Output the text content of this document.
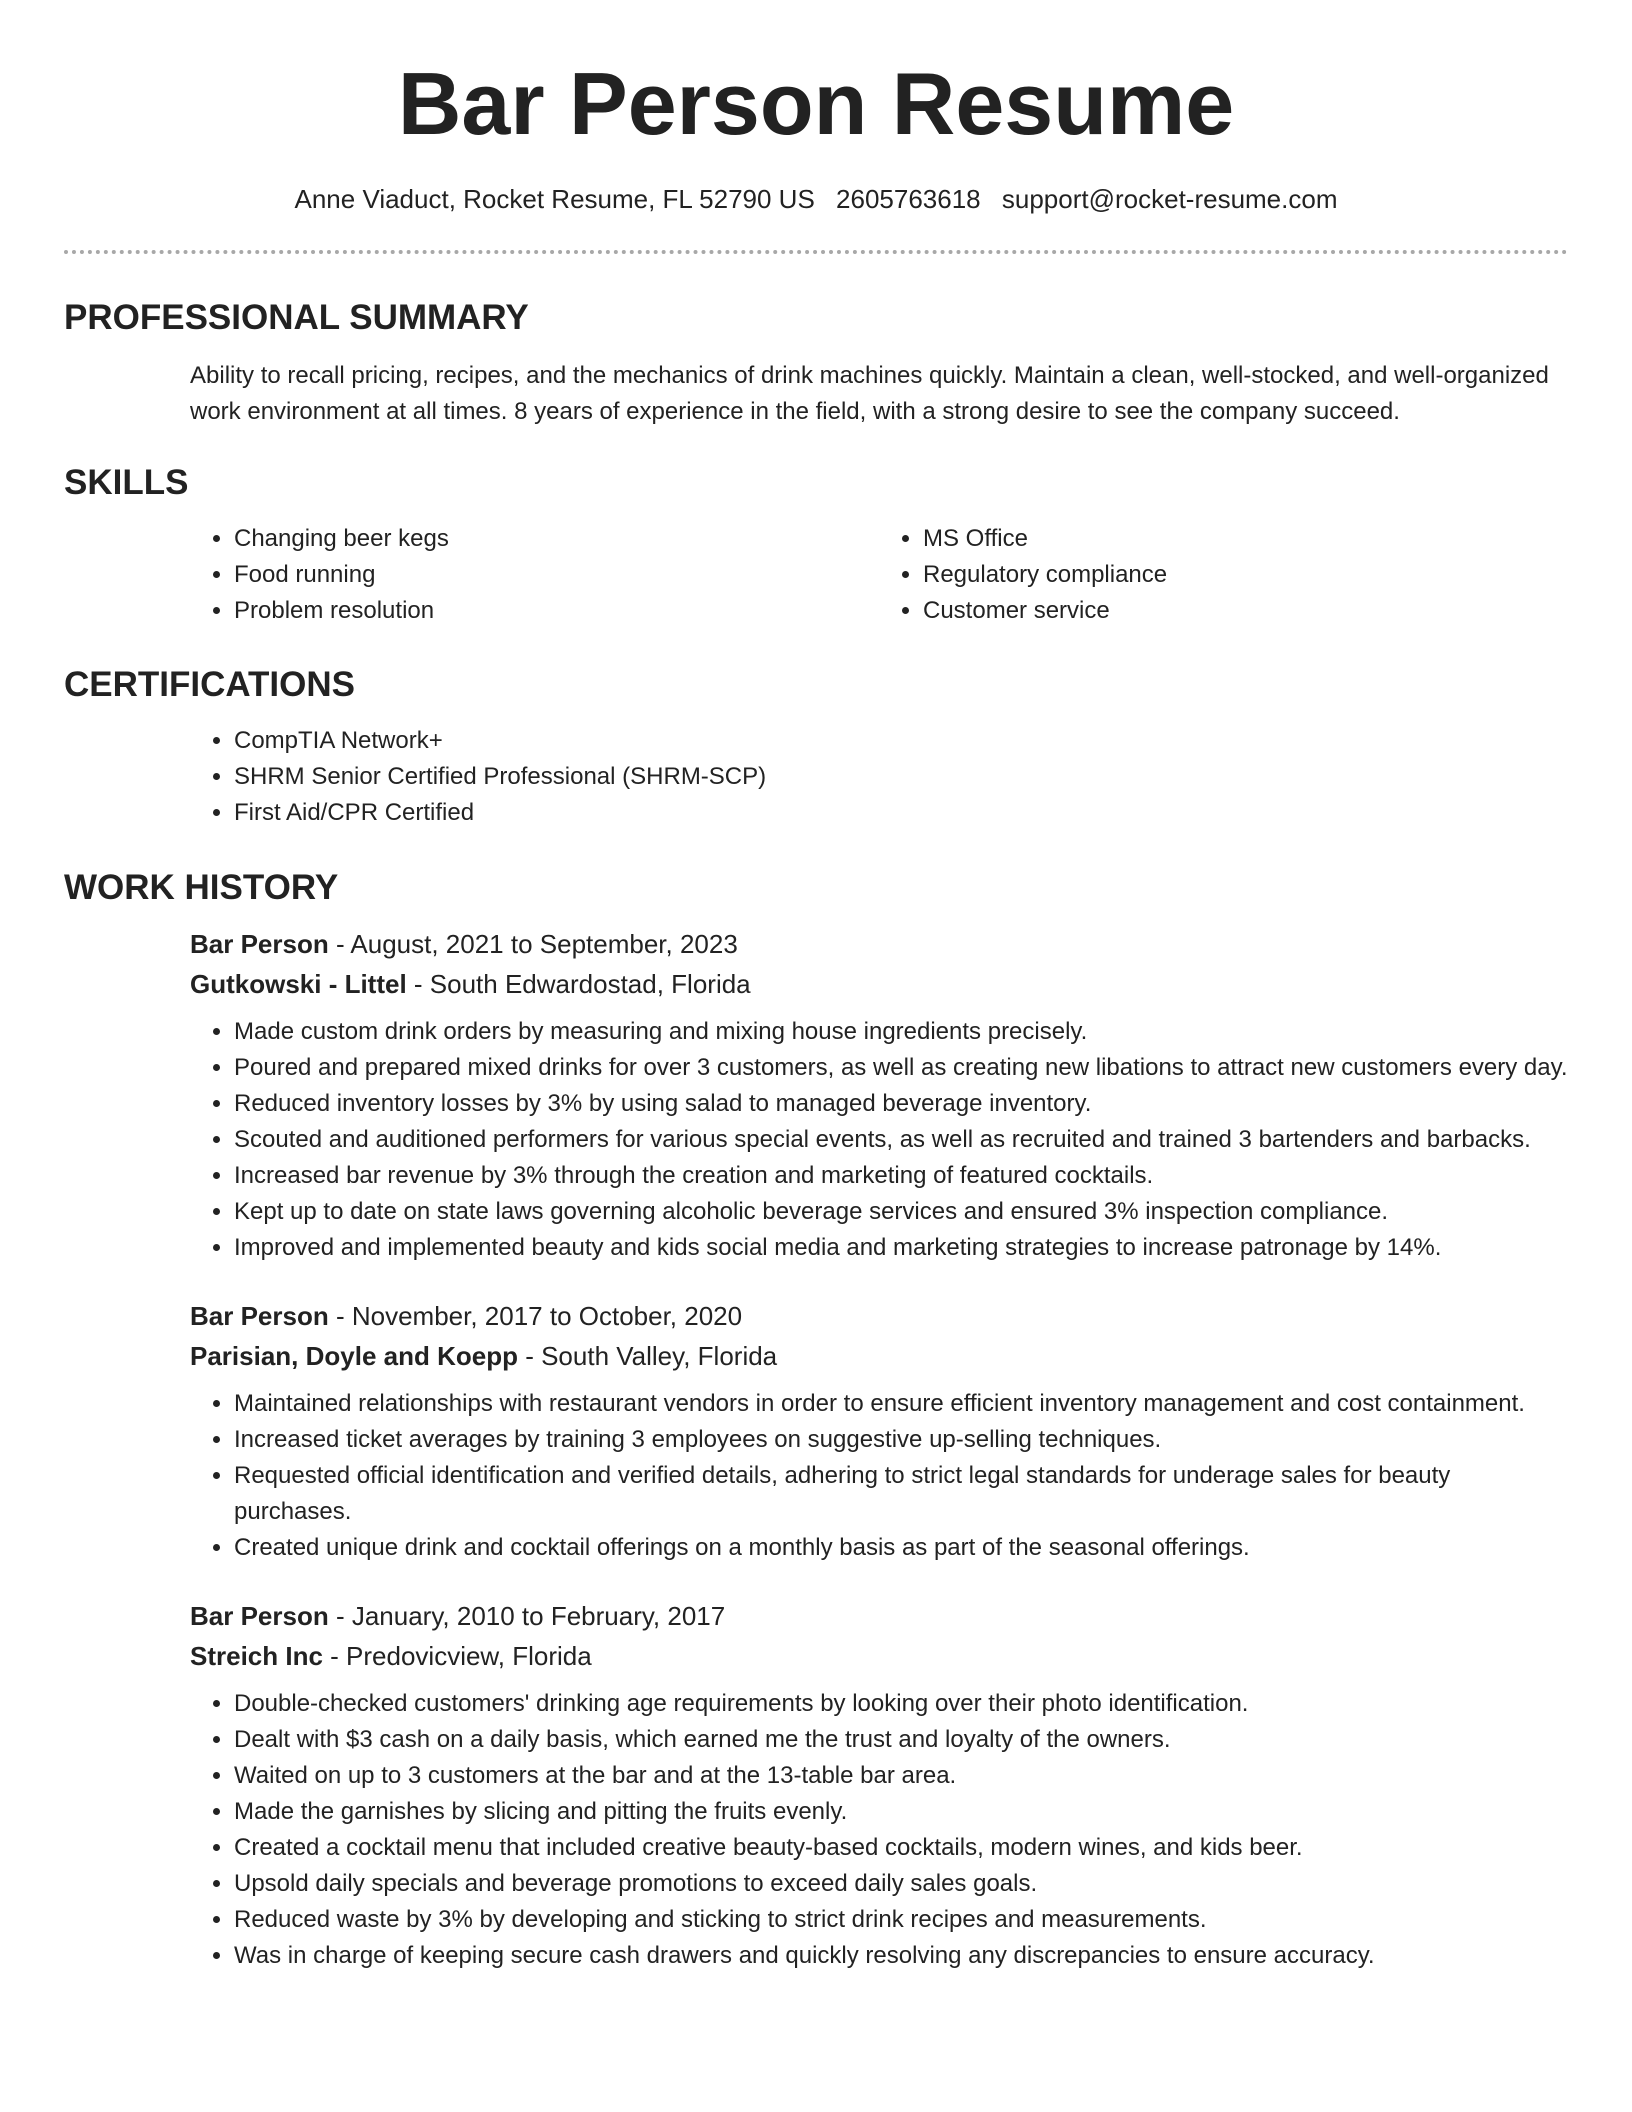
Bar Person Resume
Anne Viaduct, Rocket Resume, FL 52790 US 2605763618 support@rocket-resume.com
PROFESSIONAL SUMMARY

Ability to recall pricing, recipes, and the mechanics of drink machines quickly. Maintain a clean, well-stocked, and well-organized work environment at all times. 8 years of experience in the field, with a strong desire to see the company succeed.

SKILLS
• Changing beer kegs
• Food running
• Problem resolution
• MS Office
• Regulatory compliance
• Customer service
CERTIFICATIONS
• CompTIA Network+
• SHRM Senior Certified Professional (SHRM-SCP)
• First Aid/CPR Certified
WORK HISTORY
Bar Person - August, 2021 to September, 2023
Gutkowski - Littel - South Edwardostad, Florida
• Made custom drink orders by measuring and mixing house ingredients precisely.
• Poured and prepared mixed drinks for over 3 customers, as well as creating new libations to attract new customers every day.
• Reduced inventory losses by 3% by using salad to managed beverage inventory.
• Scouted and auditioned performers for various special events, as well as recruited and trained 3 bartenders and barbacks.
• Increased bar revenue by 3% through the creation and marketing of featured cocktails.
• Kept up to date on state laws governing alcoholic beverage services and ensured 3% inspection compliance.
• Improved and implemented beauty and kids social media and marketing strategies to increase patronage by 14%.
Bar Person - November, 2017 to October, 2020
Parisian, Doyle and Koepp - South Valley, Florida
• Maintained relationships with restaurant vendors in order to ensure efficient inventory management and cost containment.
• Increased ticket averages by training 3 employees on suggestive up-selling techniques.
• Requested official identification and verified details, adhering to strict legal standards for underage sales for beauty purchases.
• Created unique drink and cocktail offerings on a monthly basis as part of the seasonal offerings.
Bar Person - January, 2010 to February, 2017
Streich Inc - Predovicview, Florida
• Double-checked customers' drinking age requirements by looking over their photo identification.
• Dealt with $3 cash on a daily basis, which earned me the trust and loyalty of the owners.
• Waited on up to 3 customers at the bar and at the 13-table bar area.
• Made the garnishes by slicing and pitting the fruits evenly.
• Created a cocktail menu that included creative beauty-based cocktails, modern wines, and kids beer.
• Upsold daily specials and beverage promotions to exceed daily sales goals.
• Reduced waste by 3% by developing and sticking to strict drink recipes and measurements.
• Was in charge of keeping secure cash drawers and quickly resolving any discrepancies to ensure accuracy.
